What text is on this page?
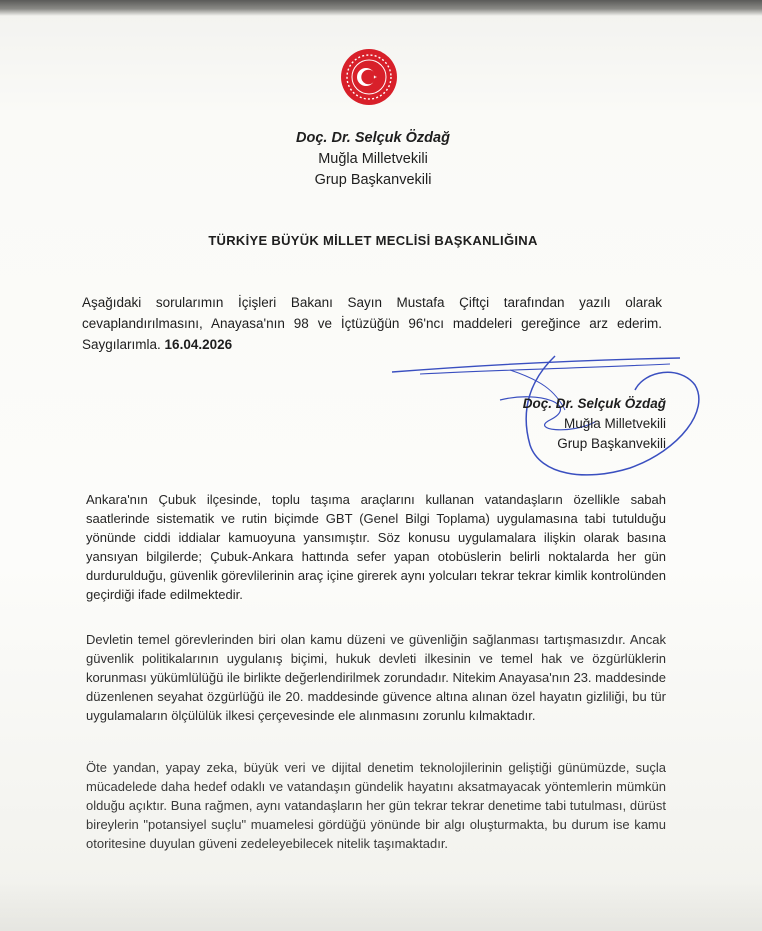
Doç. Dr. Selçuk Özdağ
Muğla Milletvekili
Grup Başkanvekili
TÜRKİYE BÜYÜK MİLLET MECLİSİ BAŞKANLIĞINA
Aşağıdaki sorularımın İçişleri Bakanı Sayın Mustafa Çiftçi tarafından yazılı olarak cevaplandırılmasını, Anayasa'nın 98 ve İçtüzüğün 96'ncı maddeleri gereğince arz ederim. Saygılarımla. 16.04.2026
Doç. Dr. Selçuk Özdağ
Muğla Milletvekili
Grup Başkanvekili
Ankara'nın Çubuk ilçesinde, toplu taşıma araçlarını kullanan vatandaşların özellikle sabah saatlerinde sistematik ve rutin biçimde GBT (Genel Bilgi Toplama) uygulamasına tabi tutulduğu yönünde ciddi iddialar kamuoyuna yansımıştır. Söz konusu uygulamalara ilişkin olarak basına yansıyan bilgilerde; Çubuk-Ankara hattında sefer yapan otobüslerin belirli noktalarda her gün durdurulduğu, güvenlik görevlilerinin araç içine girerek aynı yolcuları tekrar tekrar kimlik kontrolünden geçirdiği ifade edilmektedir.
Devletin temel görevlerinden biri olan kamu düzeni ve güvenliğin sağlanması tartışmasızdır. Ancak güvenlik politikalarının uygulanış biçimi, hukuk devleti ilkesinin ve temel hak ve özgürlüklerin korunması yükümlülüğü ile birlikte değerlendirilmek zorundadır. Nitekim Anayasa'nın 23. maddesinde düzenlenen seyahat özgürlüğü ile 20. maddesinde güvence altına alınan özel hayatın gizliliği, bu tür uygulamaların ölçülülük ilkesi çerçevesinde ele alınmasını zorunlu kılmaktadır.
Öte yandan, yapay zeka, büyük veri ve dijital denetim teknolojilerinin geliştiği günümüzde, suçla mücadelede daha hedef odaklı ve vatandaşın gündelik hayatını aksatmayacak yöntemlerin mümkün olduğu açıktır. Buna rağmen, aynı vatandaşların her gün tekrar tekrar denetime tabi tutulması, dürüst bireylerin "potansiyel suçlu" muamelesi gördüğü yönünde bir algı oluşturmakta, bu durum ise kamu otoritesine duyulan güveni zedeleyebilecek nitelik taşımaktadır.
